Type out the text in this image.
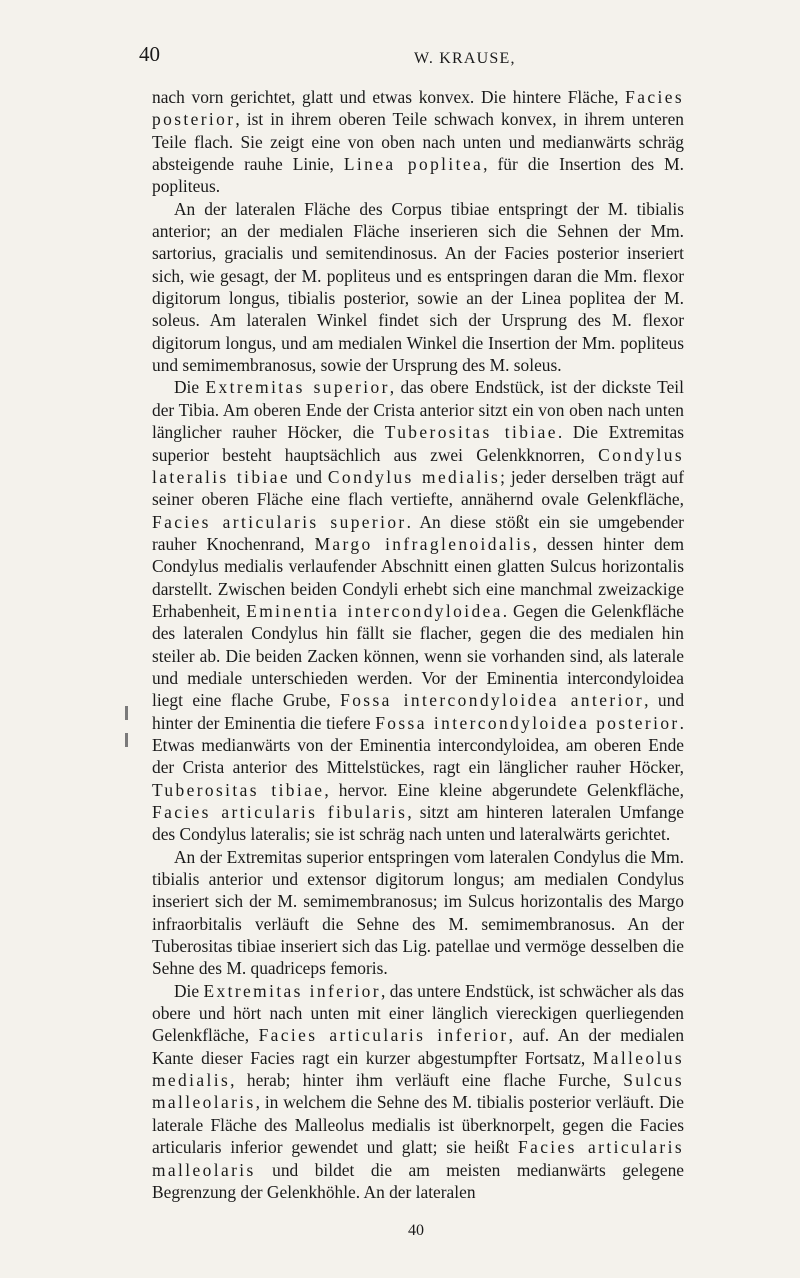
40	W. KRAUSE,

nach vorn gerichtet, glatt und etwas konvex. Die hintere Fläche, Facies posterior, ist in ihrem oberen Teile schwach konvex, in ihrem unteren Teile flach. Sie zeigt eine von oben nach unten und medianwärts schräg absteigende rauhe Linie, Linea poplitea, für die Insertion des M. popliteus.

An der lateralen Fläche des Corpus tibiae entspringt der M. tibialis anterior; an der medialen Fläche inserieren sich die Sehnen der Mm. sartorius, gracialis und semitendinosus. An der Facies posterior inseriert sich, wie gesagt, der M. popliteus und es entspringen daran die Mm. flexor digitorum longus, tibialis posterior, sowie an der Linea poplitea der M. soleus. Am lateralen Winkel findet sich der Ursprung des M. flexor digitorum longus, und am medialen Winkel die Insertion der Mm. popliteus und semimembranosus, sowie der Ursprung des M. soleus.

Die Extremitas superior, das obere Endstück, ist der dickste Teil der Tibia. Am oberen Ende der Crista anterior sitzt ein von oben nach unten länglicher rauher Höcker, die Tuberositas tibiae. Die Extremitas superior besteht hauptsächlich aus zwei Gelenkknorren, Condylus lateralis tibiae und Condylus medialis; jeder derselben trägt auf seiner oberen Fläche eine flach vertiefte, annähernd ovale Gelenkfläche, Facies articularis superior. An diese stößt ein sie umgebender rauher Knochenrand, Margo infraglenoidalis, dessen hinter dem Condylus medialis verlaufender Abschnitt einen glatten Sulcus horizontalis darstellt. Zwischen beiden Condyli erhebt sich eine manchmal zweizackige Erhabenheit, Eminentia intercondyloidea. Gegen die Gelenkfläche des lateralen Condylus hin fällt sie flacher, gegen die des medialen hin steiler ab. Die beiden Zacken können, wenn sie vorhanden sind, als laterale und mediale unterschieden werden. Vor der Eminentia intercondyloidea liegt eine flache Grube, Fossa intercondyloidea anterior, und hinter der Eminentia die tiefere Fossa intercondyloidea posterior. Etwas medianwärts von der Eminentia intercondyloidea, am oberen Ende der Crista anterior des Mittelstückes, ragt ein länglicher rauher Höcker, Tuberositas tibiae, hervor. Eine kleine abgerundete Gelenkfläche, Facies articularis fibularis, sitzt am hinteren lateralen Umfange des Condylus lateralis; sie ist schräg nach unten und lateralwärts gerichtet.

An der Extremitas superior entspringen vom lateralen Condylus die Mm. tibialis anterior und extensor digitorum longus; am medialen Condylus inseriert sich der M. semimembranosus; im Sulcus horizontalis des Margo infraorbitalis verläuft die Sehne des M. semimembranosus. An der Tuberositas tibiae inseriert sich das Lig. patellae und vermöge desselben die Sehne des M. quadriceps femoris.

Die Extremitas inferior, das untere Endstück, ist schwächer als das obere und hört nach unten mit einer länglich viereckigen querliegenden Gelenkfläche, Facies articularis inferior, auf. An der medialen Kante dieser Facies ragt ein kurzer abgestumpfter Fortsatz, Malleolus medialis, herab; hinter ihm verläuft eine flache Furche, Sulcus malleolaris, in welchem die Sehne des M. tibialis posterior verläuft. Die laterale Fläche des Malleolus medialis ist überknorpelt, gegen die Facies articularis inferior gewendet und glatt; sie heißt Facies articularis malleolaris und bildet die am meisten medianwärts gelegene Begrenzung der Gelenkhöhle. An der lateralen

40
